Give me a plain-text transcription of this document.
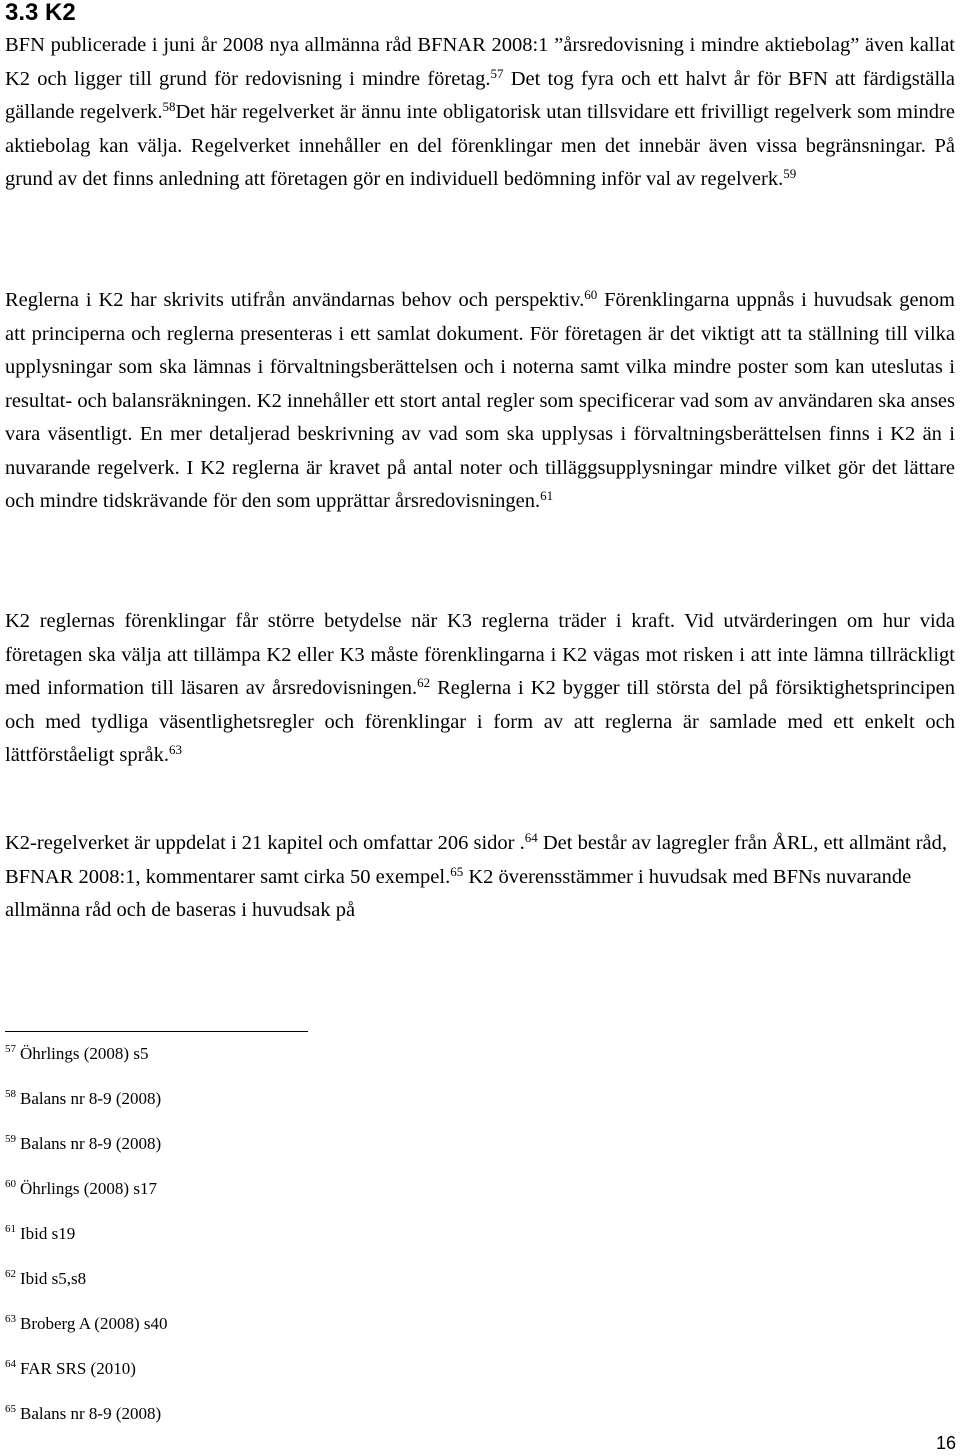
3.3 K2

BFN publicerade i juni år 2008 nya allmänna råd BFNAR 2008:1 ”årsredovisning i mindre aktiebolag” även kallat K2 och ligger till grund för redovisning i mindre företag.$^{57}$ Det tog fyra och ett halvt år för BFN att färdigställa gällande regelverk.$^{58}$Det här regelverket är ännu inte obligatorisk utan tillsvidare ett frivilligt regelverk som mindre aktiebolag kan välja. Regelverket innehåller en del förenklingar men det innebär även vissa begränsningar. På grund av det finns anledning att företagen gör en individuell bedömning inför val av regelverk.$^{59}$

Reglerna i K2 har skrivits utifrån användarnas behov och perspektiv.$^{60}$ Förenklingarna uppnås i huvudsak genom att principerna och reglerna presenteras i ett samlat dokument. För företagen är det viktigt att ta ställning till vilka upplysningar som ska lämnas i förvaltningsberättelsen och i noterna samt vilka mindre poster som kan uteslutas i resultat- och balansräkningen. K2 innehåller ett stort antal regler som specificerar vad som av användaren ska anses vara väsentligt. En mer detaljerad beskrivning av vad som ska upplysas i förvaltningsberättelsen finns i K2 än i nuvarande regelverk. I K2 reglerna är kravet på antal noter och tilläggsupplysningar mindre vilket gör det lättare och mindre tidskrävande för den som upprättar årsredovisningen.$^{61}$

K2 reglernas förenklingar får större betydelse när K3 reglerna träder i kraft. Vid utvärderingen om hur vida företagen ska välja att tillämpa K2 eller K3 måste förenklingarna i K2 vägas mot risken i att inte lämna tillräckligt med information till läsaren av årsredovisningen.$^{62}$ Reglerna i K2 bygger till största del på försiktighetsprincipen och med tydliga väsentlighetsregler och förenklingar i form av att reglerna är samlade med ett enkelt och lättförståeligt språk.$^{63}$

K2-regelverket är uppdelat i 21 kapitel och omfattar 206 sidor .$^{64}$ Det består av lagregler från ÅRL, ett allmänt råd, BFNAR 2008:1, kommentarer samt cirka 50 exempel.$^{65}$ K2 överensstämmer i huvudsak med BFNs nuvarande allmänna råd och de baseras i huvudsak på

$^{57}$ Öhrlings (2008) s5
$^{58}$ Balans nr 8-9 (2008)
$^{59}$ Balans nr 8-9 (2008)
$^{60}$ Öhrlings (2008) s17
$^{61}$ Ibid s19
$^{62}$ Ibid s5,s8
$^{63}$ Broberg A (2008) s40
$^{64}$ FAR SRS (2010)
$^{65}$ Balans nr 8-9 (2008)
16
